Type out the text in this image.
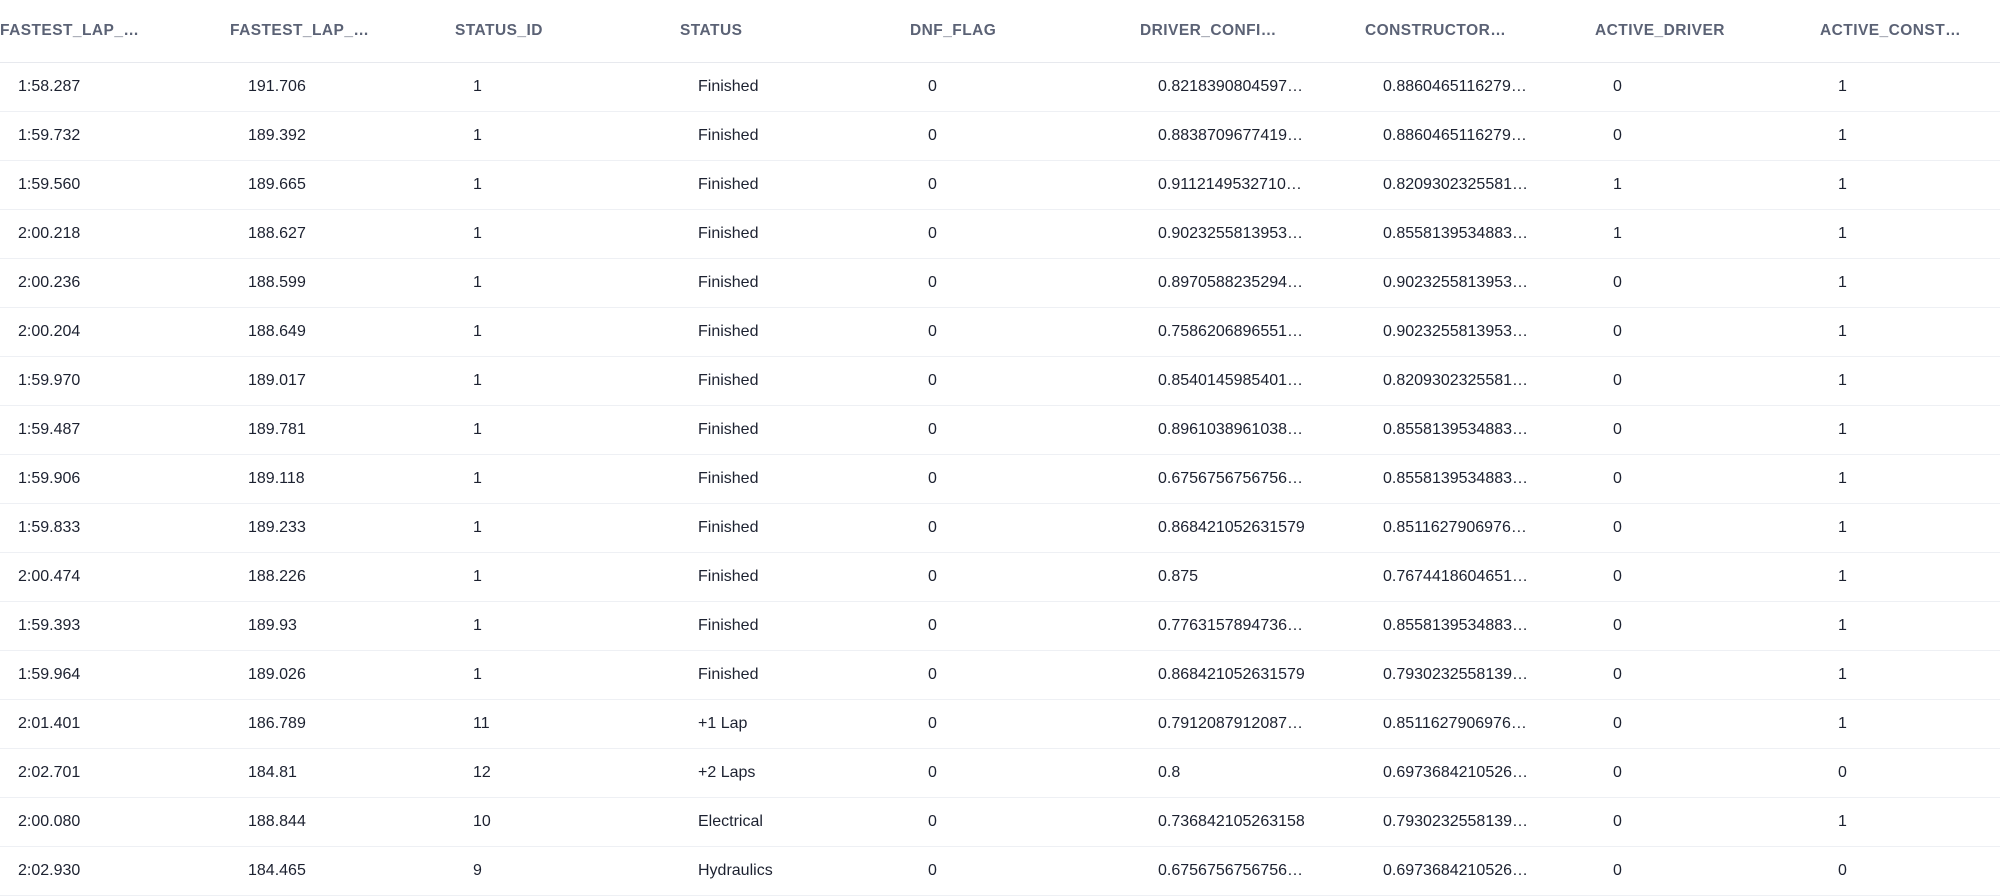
FASTEST_LAP_…	FASTEST_LAP_…	STATUS_ID	STATUS	DNF_FLAG	DRIVER_CONFI…	CONSTRUCTOR…	ACTIVE_DRIVER	ACTIVE_CONST…
1:58.287	191.706	1	Finished	0	0.8218390804597…	0.8860465116279…	0	1
1:59.732	189.392	1	Finished	0	0.8838709677419…	0.8860465116279…	0	1
1:59.560	189.665	1	Finished	0	0.9112149532710…	0.8209302325581…	1	1
2:00.218	188.627	1	Finished	0	0.9023255813953…	0.8558139534883…	1	1
2:00.236	188.599	1	Finished	0	0.8970588235294…	0.9023255813953…	0	1
2:00.204	188.649	1	Finished	0	0.7586206896551…	0.9023255813953…	0	1
1:59.970	189.017	1	Finished	0	0.8540145985401…	0.8209302325581…	0	1
1:59.487	189.781	1	Finished	0	0.8961038961038…	0.8558139534883…	0	1
1:59.906	189.118	1	Finished	0	0.6756756756756…	0.8558139534883…	0	1
1:59.833	189.233	1	Finished	0	0.868421052631579	0.8511627906976…	0	1
2:00.474	188.226	1	Finished	0	0.875	0.7674418604651…	0	1
1:59.393	189.93	1	Finished	0	0.7763157894736…	0.8558139534883…	0	1
1:59.964	189.026	1	Finished	0	0.868421052631579	0.7930232558139…	0	1
2:01.401	186.789	11	+1 Lap	0	0.7912087912087…	0.8511627906976…	0	1
2:02.701	184.81	12	+2 Laps	0	0.8	0.6973684210526…	0	0
2:00.080	188.844	10	Electrical	0	0.736842105263158	0.7930232558139…	0	1
2:02.930	184.465	9	Hydraulics	0	0.6756756756756…	0.6973684210526…	0	0
